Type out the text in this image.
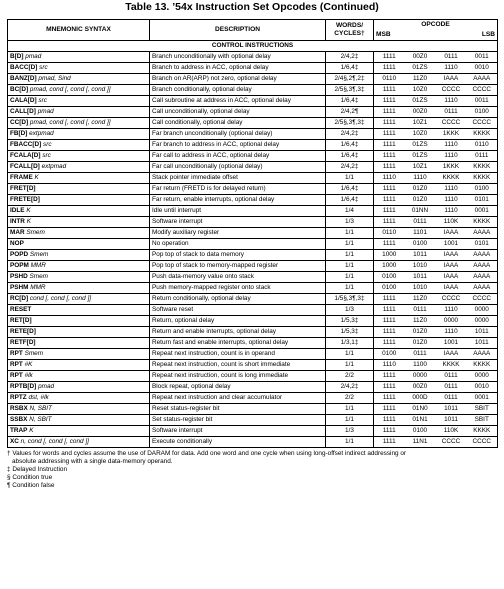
Table 13. ’54x Instruction Set Opcodes (Continued)
MNEMONIC SYNTAX	DESCRIPTION	WORDS/ CYCLES†	OPCODE			
			MSB			LSB
CONTROL INSTRUCTIONS						
B[D] pmad	Branch unconditionally with optional delay	2/4,2‡	1111	00Z0	0111	0011
BACC[D] src	Branch to address in ACC, optional delay	1/6,4‡	1111	01ZS	1110	0010
BANZ[D] pmad, Sind	Branch on AR(ARP) not zero, optional delay	2/4§,2¶,2‡	0110	11Z0	IAAA	AAAA
BC[D] pmad, cond [, cond [, cond ]]	Branch conditionally, optional delay	2/5§,3¶,3‡	1111	10Z0	CCCC	CCCC
CALA[D] src	Call subroutine at address in ACC, optional delay	1/6,4‡	1111	01ZS	1110	0011
CALL[D] pmad	Call unconditionally, optional delay	2/4,2¶	1111	00Z0	0111	0100
CC[D] pmad, cond [, cond [, cond ]]	Call conditionally, optional delay	2/5§,3¶,3‡	1111	10Z1	CCCC	CCCC
FB[D] extpmad	Far branch unconditionally (optional delay)	2/4,2‡	1111	10Z0	1KKK	KKKK
FBACC[D] src	Far branch to address in ACC, optional delay	1/6,4‡	1111	01ZS	1110	0110
FCALA[D] src	Far call to address in ACC, optional delay	1/6,4‡	1111	01ZS	1110	0111
FCALL[D] extpmad	Far call unconditionally (optional delay)	2/4,2‡	1111	10Z1	1KKK	KKKK
FRAME K	Stack pointer immediate offset	1/1	1110	1110	KKKK	KKKK
FRET[D]	Far return (FRETD is for delayed return)	1/6,4‡	1111	01Z0	1110	0100
FRETE[D]	Far return, enable interrupts, optional delay	1/6,4‡	1111	01Z0	1110	0101
IDLE K	Idle until interrupt	1/4	1111	01NN	1110	0001
INTR K	Software interrupt	1/3	1111	0111	110K	KKKK
MAR Smem	Modify auxiliary register	1/1	0110	1101	IAAA	AAAA
NOP	No operation	1/1	1111	0100	1001	0101
POPD Smem	Pop top of stack to data memory	1/1	1000	1011	IAAA	AAAA
POPM MMR	Pop top of stack to memory-mapped register	1/1	1000	1010	IAAA	AAAA
PSHD Smem	Push data-memory value onto stack	1/1	0100	1011	IAAA	AAAA
PSHM MMR	Push memory-mapped register onto stack	1/1	0100	1010	IAAA	AAAA
RC[D] cond [, cond [, cond ]]	Return conditionally, optional delay	1/5§,3¶,3‡	1111	11Z0	CCCC	CCCC
RESET	Software reset	1/3	1111	0111	1110	0000
RET[D]	Return, optional delay	1/5,3‡	1111	11Z0	0000	0000
RETE[D]	Return and enable interrupts, optional delay	1/5,3‡	1111	01Z0	1110	1011
RETF[D]	Return fast and enable interrupts, optional delay	1/3,1‡	1111	01Z0	1001	1011
RPT Smem	Repeat next instruction, count is in operand	1/1	0100	0111	IAAA	AAAA
RPT #K	Repeat next instruction, count is short immediate	1/1	1110	1100	KKKK	KKKK
RPT #lk	Repeat next instruction, count is long immediate	2/2	1111	0000	0111	0000
RPTB[D] pmad	Block repeat, optional delay	2/4,2‡	1111	00Z0	0111	0010
RPTZ dst, #lk	Repeat next instruction and clear accumulator	2/2	1111	000D	0111	0001
RSBX N, SBIT	Reset status-register bit	1/1	1111	01N0	1011	SBIT
SSBX N, SBIT	Set status-register bit	1/1	1111	01N1	1011	SBIT
TRAP K	Software interrupt	1/3	1111	0100	110K	KKKK
XC n, cond [, cond [, cond ]]	Execute conditionally	1/1	1111	11N1	CCCC	CCCC
† Values for words and cycles assume the use of DARAM for data. Add one word and one cycle when using long-offset indirect addressing or
absolute addressing with a single data-memory operand.
‡ Delayed Instruction
§ Condition true
¶ Condition false
